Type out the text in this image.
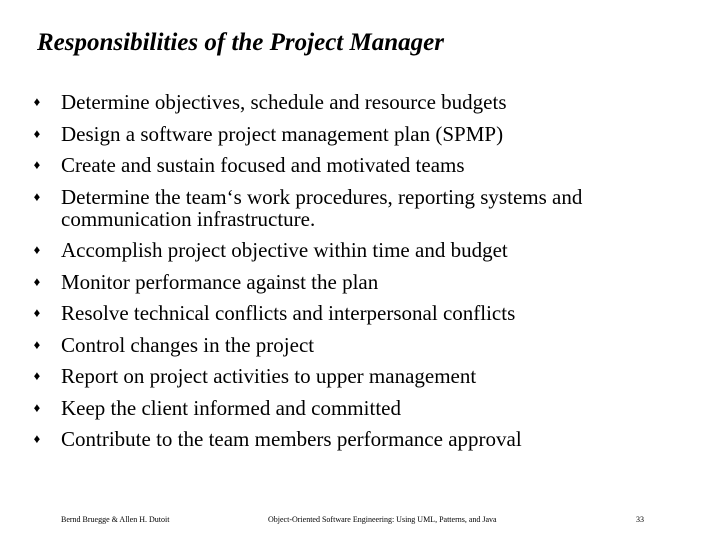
Responsibilities of the Project Manager
♦ Determine objectives, schedule and resource budgets
♦ Design a software project management plan (SPMP)
♦ Create and sustain focused and motivated teams
♦ Determine the team‘s work procedures, reporting systems and communication infrastructure.
♦ Accomplish project objective within time and budget
♦ Monitor performance against the plan
♦ Resolve technical conflicts and interpersonal conflicts
♦ Control changes in the project
♦ Report on project activities to upper management
♦ Keep the client informed and committed
♦ Contribute to the team members performance approval
Bernd Bruegge & Allen H. Dutoit	Object-Oriented Software Engineering: Using UML, Patterns, and Java	33
